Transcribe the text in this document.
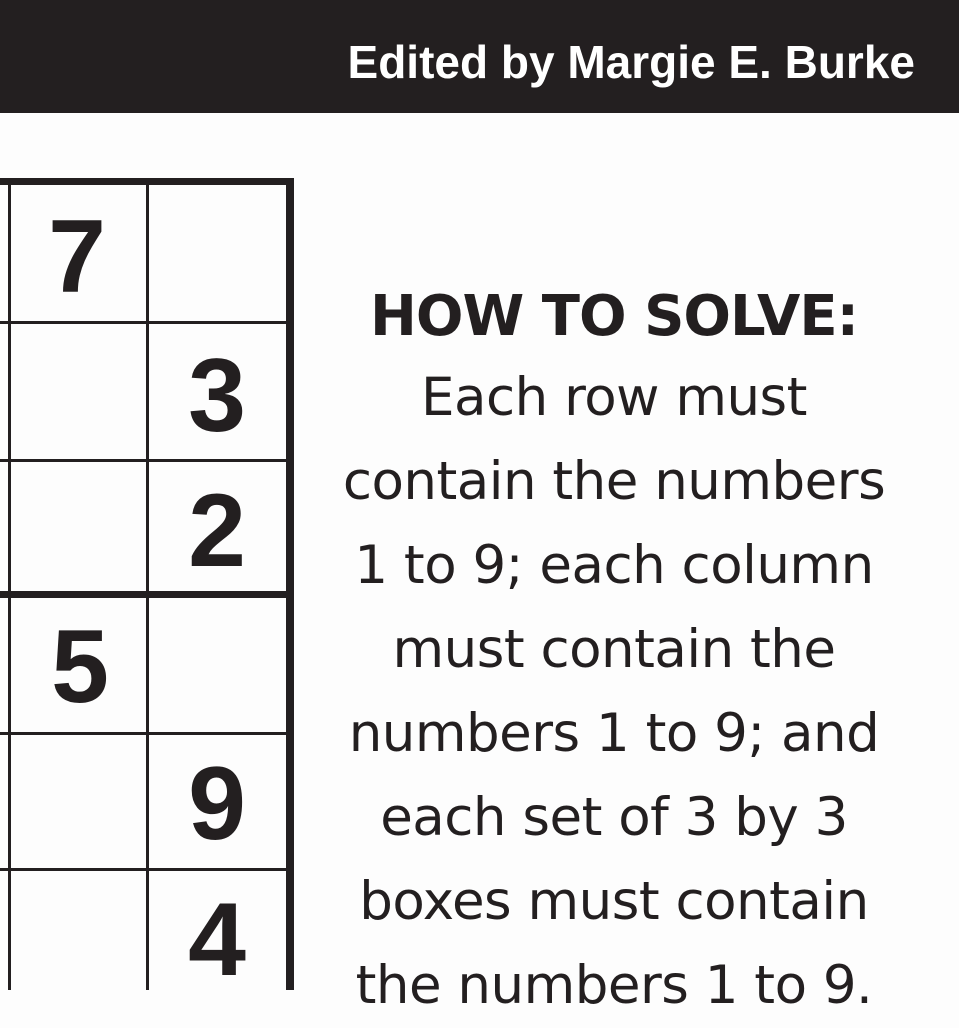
Edited by Margie E. Burke
7
3
2
5
9
4
HOW TO SOLVE:
Each row must
contain the numbers
1 to 9; each column
must contain the
numbers 1 to 9; and
each set of 3 by 3
boxes must contain
the numbers 1 to 9.
